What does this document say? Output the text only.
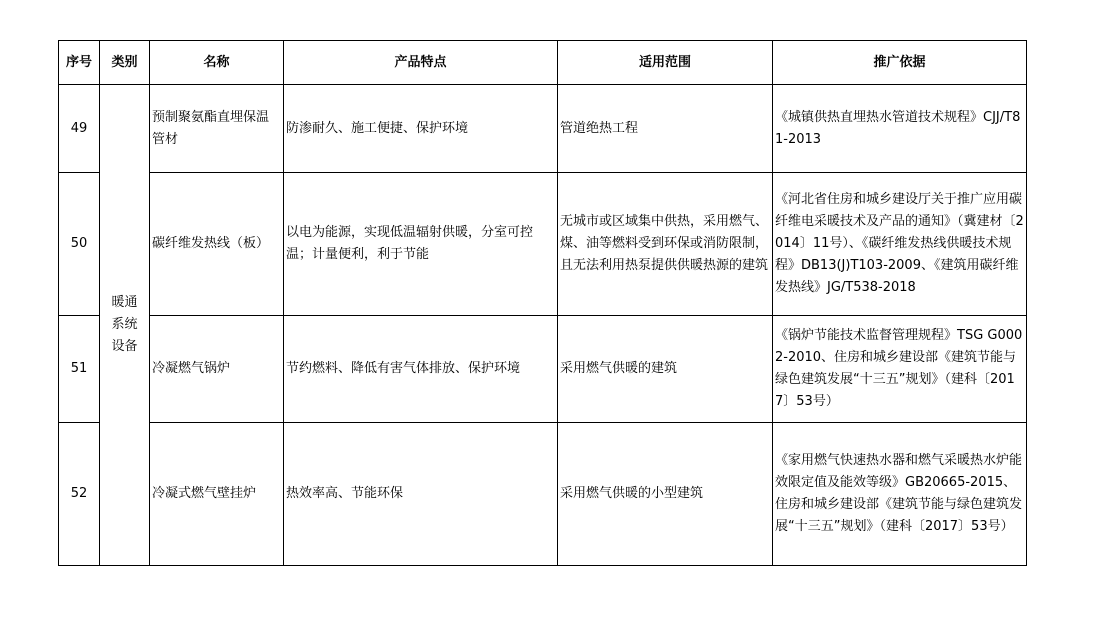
序号	类别	名称	产品特点	适用范围	推广依据
49	暖通系统设备	预制聚氨酯直埋保温管材	防渗耐久、施工便捷、保护环境	管道绝热工程	《城镇供热直埋热水管道技术规程》CJJ/T81-2013
50		碳纤维发热线（板）	以电为能源，实现低温辐射供暖，分室可控温；计量便利，利于节能	无城市或区域集中供热，采用燃气、煤、油等燃料受到环保或消防限制，且无法利用热泵提供供暖热源的建筑	《河北省住房和城乡建设厅关于推广应用碳纤维电采暖技术及产品的通知》（冀建材〔2014〕11号）、《碳纤维发热线供暖技术规程》DB13(J)T103-2009、《建筑用碳纤维发热线》JG/T538-2018
51		冷凝燃气锅炉	节约燃料、降低有害气体排放、保护环境	采用燃气供暖的建筑	《锅炉节能技术监督管理规程》TSG G0002-2010、住房和城乡建设部《建筑节能与绿色建筑发展“十三五”规划》（建科〔2017〕53号）
52		冷凝式燃气壁挂炉	热效率高、节能环保	采用燃气供暖的小型建筑	《家用燃气快速热水器和燃气采暖热水炉能效限定值及能效等级》GB20665-2015、住房和城乡建设部《建筑节能与绿色建筑发展“十三五”规划》（建科〔2017〕53号）
